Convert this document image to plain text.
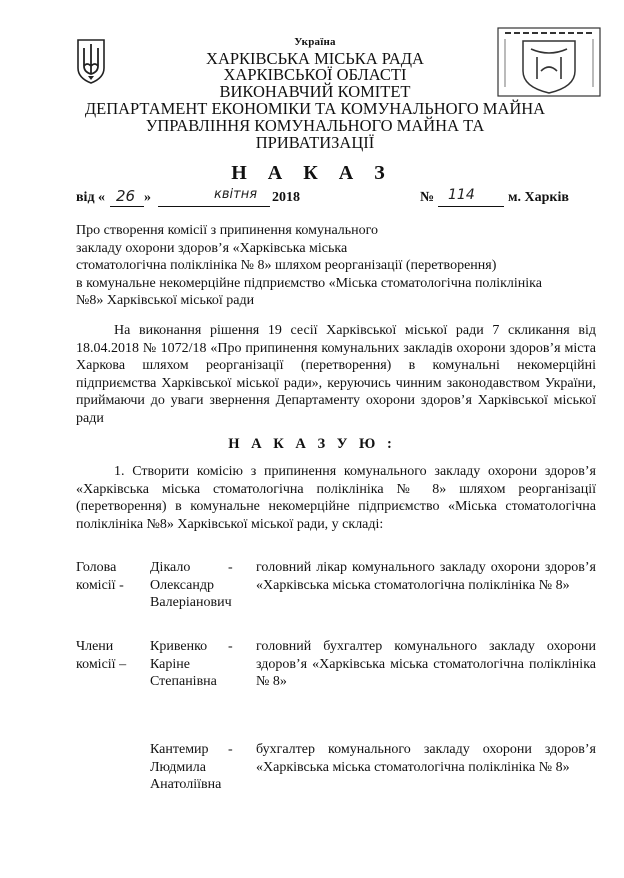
Україна
ХАРКІВСЬКА МІСЬКА РАДА
ХАРКІВСЬКОЇ ОБЛАСТІ
ВИКОНАВЧИЙ КОМІТЕТ
ДЕПАРТАМЕНТ ЕКОНОМІКИ ТА КОМУНАЛЬНОГО МАЙНА
УПРАВЛІННЯ КОМУНАЛЬНОГО МАЙНА ТА
ПРИВАТИЗАЦІЇ
Н А К А З
від « 26 »	квітня 2018	№ 114 м. Харків
Про створення комісії з припинення комунального
закладу охорони здоров’я «Харківська міська
стоматологічна поліклініка № 8» шляхом реорганізації (перетворення)
в комунальне некомерційне підприємство «Міська стоматологічна поліклініка
№8» Харківської міської ради
На виконання рішення 19 сесії Харківської міської ради 7 скликання від 18.04.2018 № 1072/18 «Про припинення комунальних закладів охорони здоров’я міста Харкова шляхом реорганізації (перетворення) в комунальні некомерційні підприємства Харківської міської ради», керуючись чинним законодавством України, приймаючи до уваги звернення Департаменту охорони здоров’я Харківської міської ради
Н А К А З У Ю :
1. Створити комісію з припинення комунального закладу охорони здоров’я «Харківська міська стоматологічна поліклініка № 8» шляхом реорганізації (перетворення) в комунальне некомерційне підприємство «Міська стоматологічна поліклініка №8» Харківської міської ради, у складі:
Голова
комісії -
Дікало
Олександр
Валеріанович
- головний лікар комунального закладу охорони здоров’я «Харківська міська стоматологічна поліклініка № 8»
Члени
комісії –
Кривенко
Каріне
Степанівна
- головний бухгалтер комунального закладу охорони здоров’я «Харківська міська стоматологічна поліклініка № 8»
Кантемир
Людмила
Анатоліївна
- бухгалтер комунального закладу охорони здоров’я «Харківська міська стоматологічна поліклініка № 8»
